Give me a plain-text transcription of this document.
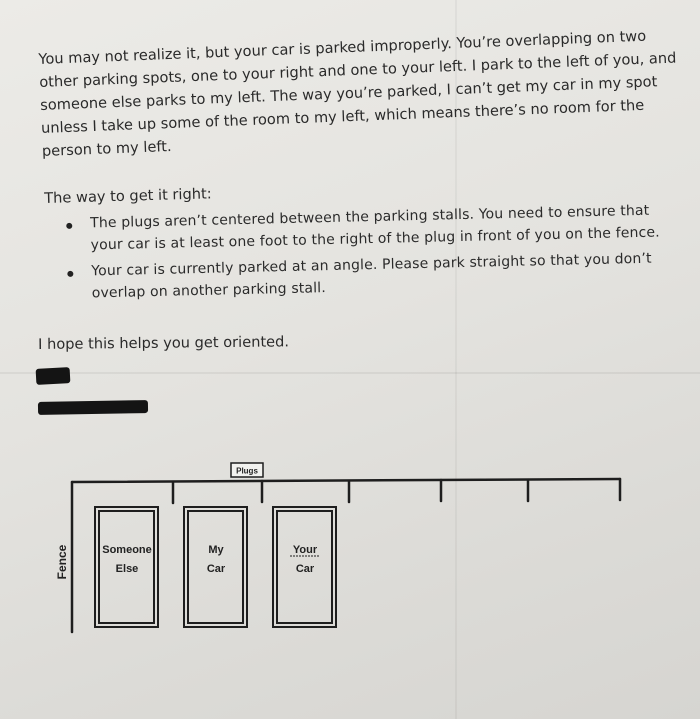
You may not realize it, but your car is parked improperly. You’re overlapping on two other parking spots, one to your right and one to your left. I park to the left of you, and someone else parks to my left. The way you’re parked, I can’t get my car in my spot unless I take up some of the room to my left, which means there’s no room for the person to my left.

The way to get it right:

The plugs aren’t centered between the parking stalls. You need to ensure that your car is at least one foot to the right of the plug in front of you on the fence.
Your car is currently parked at an angle. Please park straight so that you don’t overlap on another parking stall.

I hope this helps you get oriented.

Plugs
Fence	Someone
Else
My
Car
Your
Car
